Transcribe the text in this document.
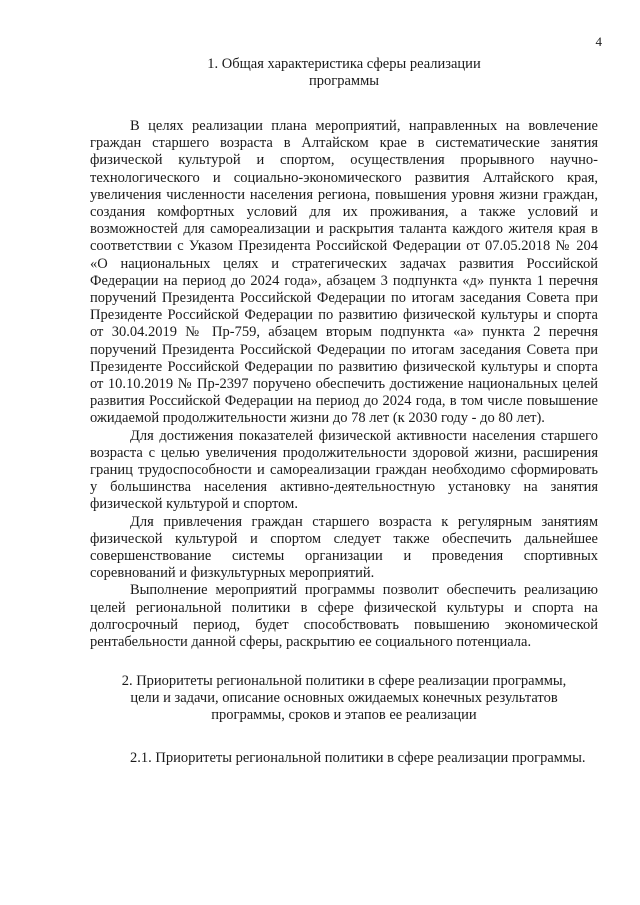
4
1. Общая характеристика сферы реализации
программы

В целях реализации плана мероприятий, направленных на вовлечение граждан старшего возраста в Алтайском крае в систематические занятия физической культурой и спортом, осуществления прорывного научно-технологического и социально-экономического развития Алтайского края, увеличения численности населения региона, повышения уровня жизни граждан, создания комфортных условий для их проживания, а также условий и возможностей для самореализации и раскрытия таланта каждого жителя края в соответствии с Указом Президента Российской Федерации от 07.05.2018 № 204 «О национальных целях и стратегических задачах развития Российской Федерации на период до 2024 года», абзацем 3 подпункта «д» пункта 1 перечня поручений Президента Российской Федерации по итогам заседания Совета при Президенте Российской Федерации по развитию физической культуры и спорта от 30.04.2019 № Пр-759, абзацем вторым подпункта «а» пункта 2 перечня поручений Президента Российской Федерации по итогам заседания Совета при Президенте Российской Федерации по развитию физической культуры и спорта от 10.10.2019 № Пр-2397 поручено обеспечить достижение национальных целей развития Российской Федерации на период до 2024 года, в том числе повышение ожидаемой продолжительности жизни до 78 лет (к 2030 году - до 80 лет).

Для достижения показателей физической активности населения старшего возраста с целью увеличения продолжительности здоровой жизни, расширения границ трудоспособности и самореализации граждан необходимо сформировать у большинства населения активно-деятельностную установку на занятия физической культурой и спортом.

Для привлечения граждан старшего возраста к регулярным занятиям физической культурой и спортом следует также обеспечить дальнейшее совершенствование системы организации и проведения спортивных соревнований и физкультурных мероприятий.

Выполнение мероприятий программы позволит обеспечить реализацию целей региональной политики в сфере физической культуры и спорта на долгосрочный период, будет способствовать повышению экономической рентабельности данной сферы, раскрытию ее социального потенциала.

2. Приоритеты региональной политики в сфере реализации программы,
цели и задачи, описание основных ожидаемых конечных результатов
программы, сроков и этапов ее реализации

2.1. Приоритеты региональной политики в сфере реализации программы.
